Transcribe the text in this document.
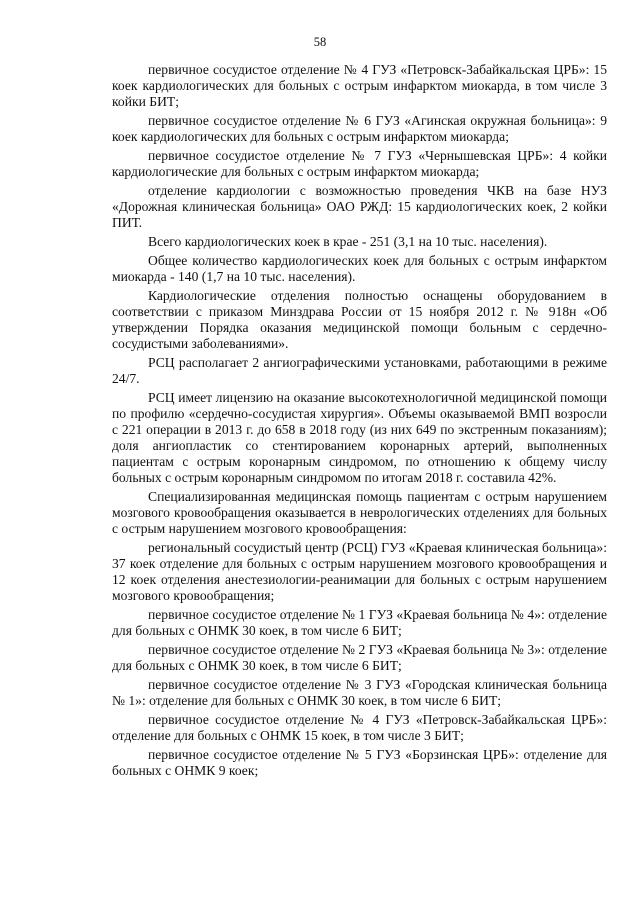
58

первичное сосудистое отделение № 4 ГУЗ «Петровск-Забайкальская ЦРБ»: 15 коек кардиологических для больных с острым инфарктом миокарда, в том числе 3 койки БИТ;

первичное сосудистое отделение № 6 ГУЗ «Агинская окружная больница»: 9 коек кардиологических для больных с острым инфарктом миокарда;

первичное сосудистое отделение № 7 ГУЗ «Чернышевская ЦРБ»: 4 койки кардиологические для больных с острым инфарктом миокарда;

отделение кардиологии с возможностью проведения ЧКВ на базе НУЗ «Дорожная клиническая больница» ОАО РЖД: 15 кардиологических коек, 2 койки ПИТ.

Всего кардиологических коек в крае - 251 (3,1 на 10 тыс. населения).

Общее количество кардиологических коек для больных с острым инфарктом миокарда - 140 (1,7 на 10 тыс. населения).

Кардиологические отделения полностью оснащены оборудованием в соответствии с приказом Минздрава России от 15 ноября 2012 г. № 918н «Об утверждении Порядка оказания медицинской помощи больным с сердечно-сосудистыми заболеваниями».

РСЦ располагает 2 ангиографическими установками, работающими в режиме 24/7.

РСЦ имеет лицензию на оказание высокотехнологичной медицинской помощи по профилю «сердечно-сосудистая хирургия». Объемы оказываемой ВМП возросли с 221 операции в 2013 г. до 658 в 2018 году (из них 649 по экстренным показаниям); доля ангиопластик со стентированием коронарных артерий, выполненных пациентам с острым коронарным синдромом, по отношению к общему числу больных с острым коронарным синдромом по итогам 2018 г. составила 42%.

Специализированная медицинская помощь пациентам с острым нарушением мозгового кровообращения оказывается в неврологических отделениях для больных с острым нарушением мозгового кровообращения:

региональный сосудистый центр (РСЦ) ГУЗ «Краевая клиническая больница»: 37 коек отделение для больных с острым нарушением мозгового кровообращения и 12 коек отделения анестезиологии-реанимации для больных с острым нарушением мозгового кровообращения;

первичное сосудистое отделение № 1 ГУЗ «Краевая больница № 4»: отделение для больных с ОНМК 30 коек, в том числе 6 БИТ;

первичное сосудистое отделение № 2 ГУЗ «Краевая больница № 3»: отделение для больных с ОНМК 30 коек, в том числе 6 БИТ;

первичное сосудистое отделение № 3 ГУЗ «Городская клиническая больница № 1»: отделение для больных с ОНМК 30 коек, в том числе 6 БИТ;

первичное сосудистое отделение № 4 ГУЗ «Петровск-Забайкальская ЦРБ»: отделение для больных с ОНМК 15 коек, в том числе 3 БИТ;

первичное сосудистое отделение № 5 ГУЗ «Борзинская ЦРБ»: отделение для больных с ОНМК 9 коек;
